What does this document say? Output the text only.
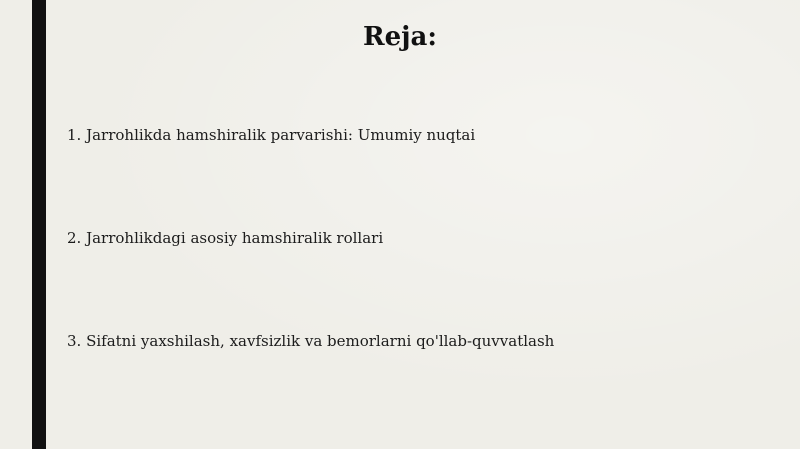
Reja:
1. Jarrohlikda hamshiralik parvarishi: Umumiy nuqtai
2. Jarrohlikdagi asosiy hamshiralik rollari
3. Sifatni yaxshilash, xavfsizlik va bemorlarni qo'llab-quvvatlash
